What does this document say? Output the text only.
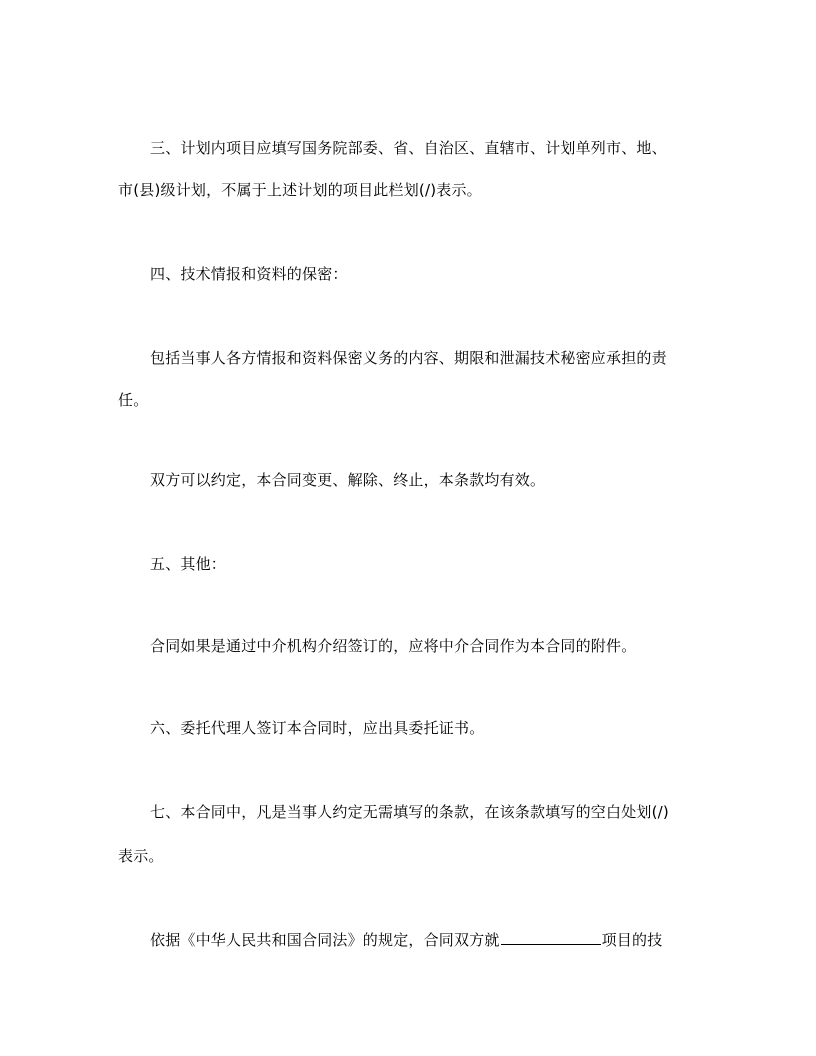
三、计划内项目应填写国务院部委、省、自治区、直辖市、计划单列市、地、
市(县)级计划，不属于上述计划的项目此栏划(/)表示。
四、技术情报和资料的保密：
包括当事人各方情报和资料保密义务的内容、期限和泄漏技术秘密应承担的责
任。
双方可以约定，本合同变更、解除、终止，本条款均有效。
五、其他：
合同如果是通过中介机构介绍签订的，应将中介合同作为本合同的附件。
六、委托代理人签订本合同时，应出具委托证书。
七、本合同中，凡是当事人约定无需填写的条款，在该条款填写的空白处划(/)
表示。
依据《中华人民共和国合同法》的规定，合同双方就	项目的技
